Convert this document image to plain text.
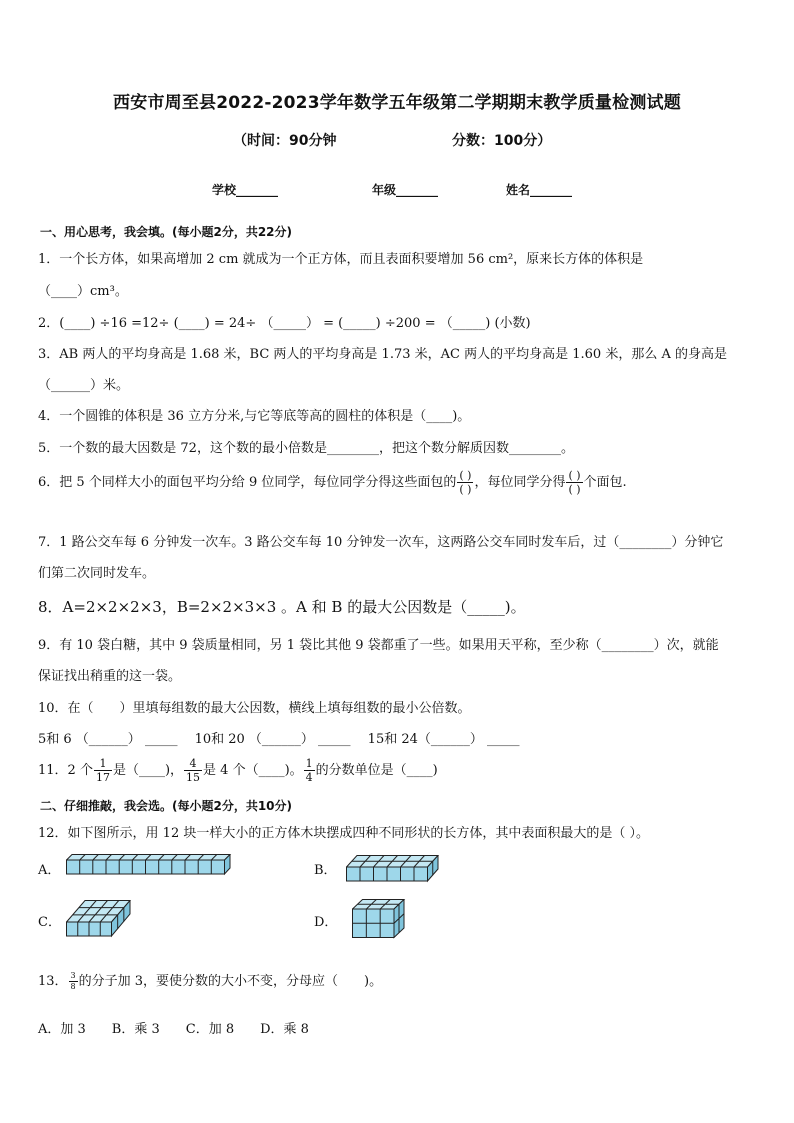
西安市周至县2022-2023学年数学五年级第二学期期末教学质量检测试题
（时间：90分钟	分数：100分）
学校_______	年级_______	姓名_______
一、用心思考，我会填。(每小题2分，共22分)
1．一个长方体，如果高增加 2 cm 就成为一个正方体，而且表面积要增加 56 cm²，原来长方体的体积是
（____）cm³。
2．(____) ÷16 =12÷ (____) = 24÷ （_____） = (_____) ÷200 = （_____) (小数)
3．AB 两人的平均身高是 1.68 米，BC 两人的平均身高是 1.73 米，AC 两人的平均身高是 1.60 米，那么 A 的身高是
（______）米。
4．一个圆锥的体积是 36 立方分米,与它等底等高的圆柱的体积是（____)。
5．一个数的最大因数是 72，这个数的最小倍数是________，把这个数分解质因数________。
6．把 5 个同样大小的面包平均分给 9 位同学，每位同学分得这些面包的 $\frac{( )}{( )}$ ，每位同学分得 $\frac{( )}{( )}$ 个面包.
7．1 路公交车每 6 分钟发一次车。3 路公交车每 10 分钟发一次车，这两路公交车同时发车后，过（________）分钟它
们第二次同时发车。
8．A=2×2×2×3，B=2×2×3×3 。A 和 B 的最大公因数是（_____)。
9．有 10 袋白糖，其中 9 袋质量相同，另 1 袋比其他 9 袋都重了一些。如果用天平称，至少称（________）次，就能
保证找出稍重的这一袋。
10．在（　　）里填每组数的最大公因数，横线上填每组数的最小公倍数。
5和 6 （______） _____　 10和 20 （______） _____　 15和 24（______） _____
11．2 个 $\frac{1}{17}$ 是（____)， $\frac{4}{15}$ 是 4 个（____)。 $\frac{1}{4}$ 的分数单位是（____)
二、仔细推敲，我会选。(每小题2分，共10分)
12．如下图所示，用 12 块一样大小的正方体木块摆成四种不同形状的长方体，其中表面积最大的是（ ）。
A．	B．
C．	D．
13． $\frac{3}{8}$ 的分子加 3，要使分数的大小不变，分母应（　　)。
A．加 3　　B．乘 3　　C．加 8　　D．乘 8
